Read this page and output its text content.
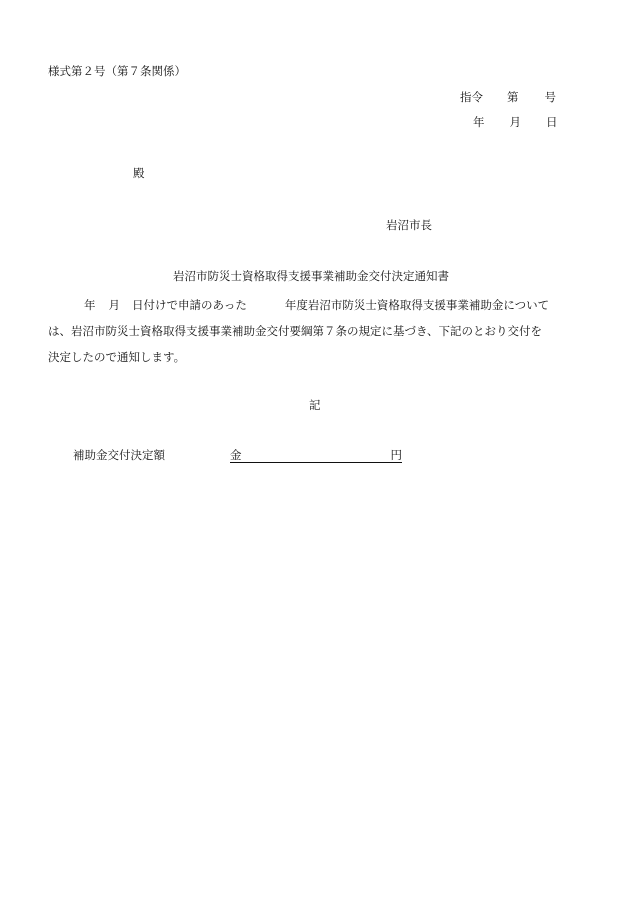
様式第２号（第７条関係）
指令 第 号
年 月 日
殿
岩沼市長
岩沼市防災士資格取得支援事業補助金交付決定通知書
年 月 日付けで申請のあった	年度岩沼市防災士資格取得支援事業補助金について
は、岩沼市防災士資格取得支援事業補助金交付要綱第７条の規定に基づき、下記のとおり交付を
決定したので通知します。
記
補助金交付決定額	金	円
